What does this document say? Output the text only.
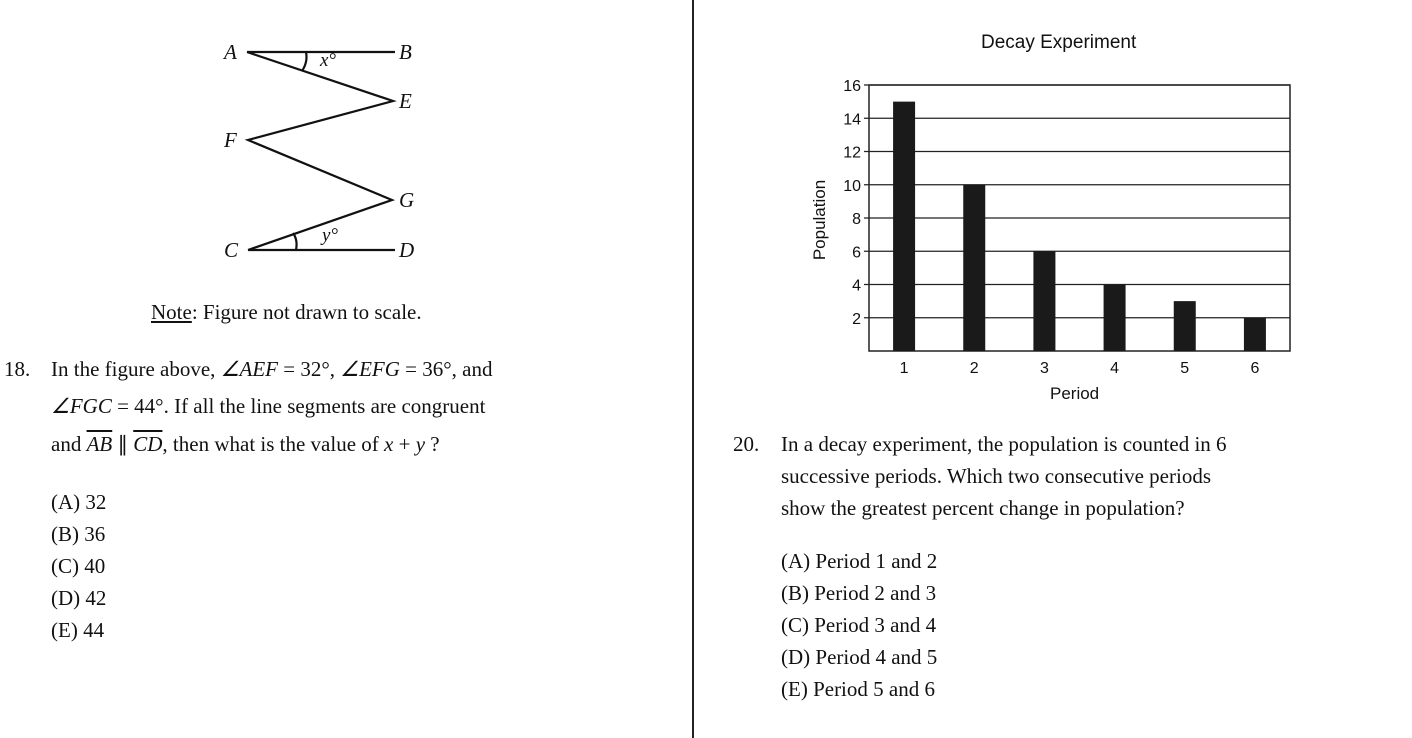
A	B
E
F
G
C	D
x°
y°
Note: Figure not drawn to scale.
18. In the figure above, ∠AEF = 32°, ∠EFG = 36°, and
∠FGC = 44°. If all the line segments are congruent
and $\overline{AB}$ ∥ $\overline{CD}$, then what is the value of x + y ?
(A) 32
(B) 36
(C) 40
(D) 42
(E) 44
Decay Experiment
Population
Period
2
4
6
8
10
12
14
16
1	2	3	4	5	6
20. In a decay experiment, the population is counted in 6
successive periods. Which two consecutive periods
show the greatest percent change in population?
(A) Period 1 and 2
(B) Period 2 and 3
(C) Period 3 and 4
(D) Period 4 and 5
(E) Period 5 and 6
